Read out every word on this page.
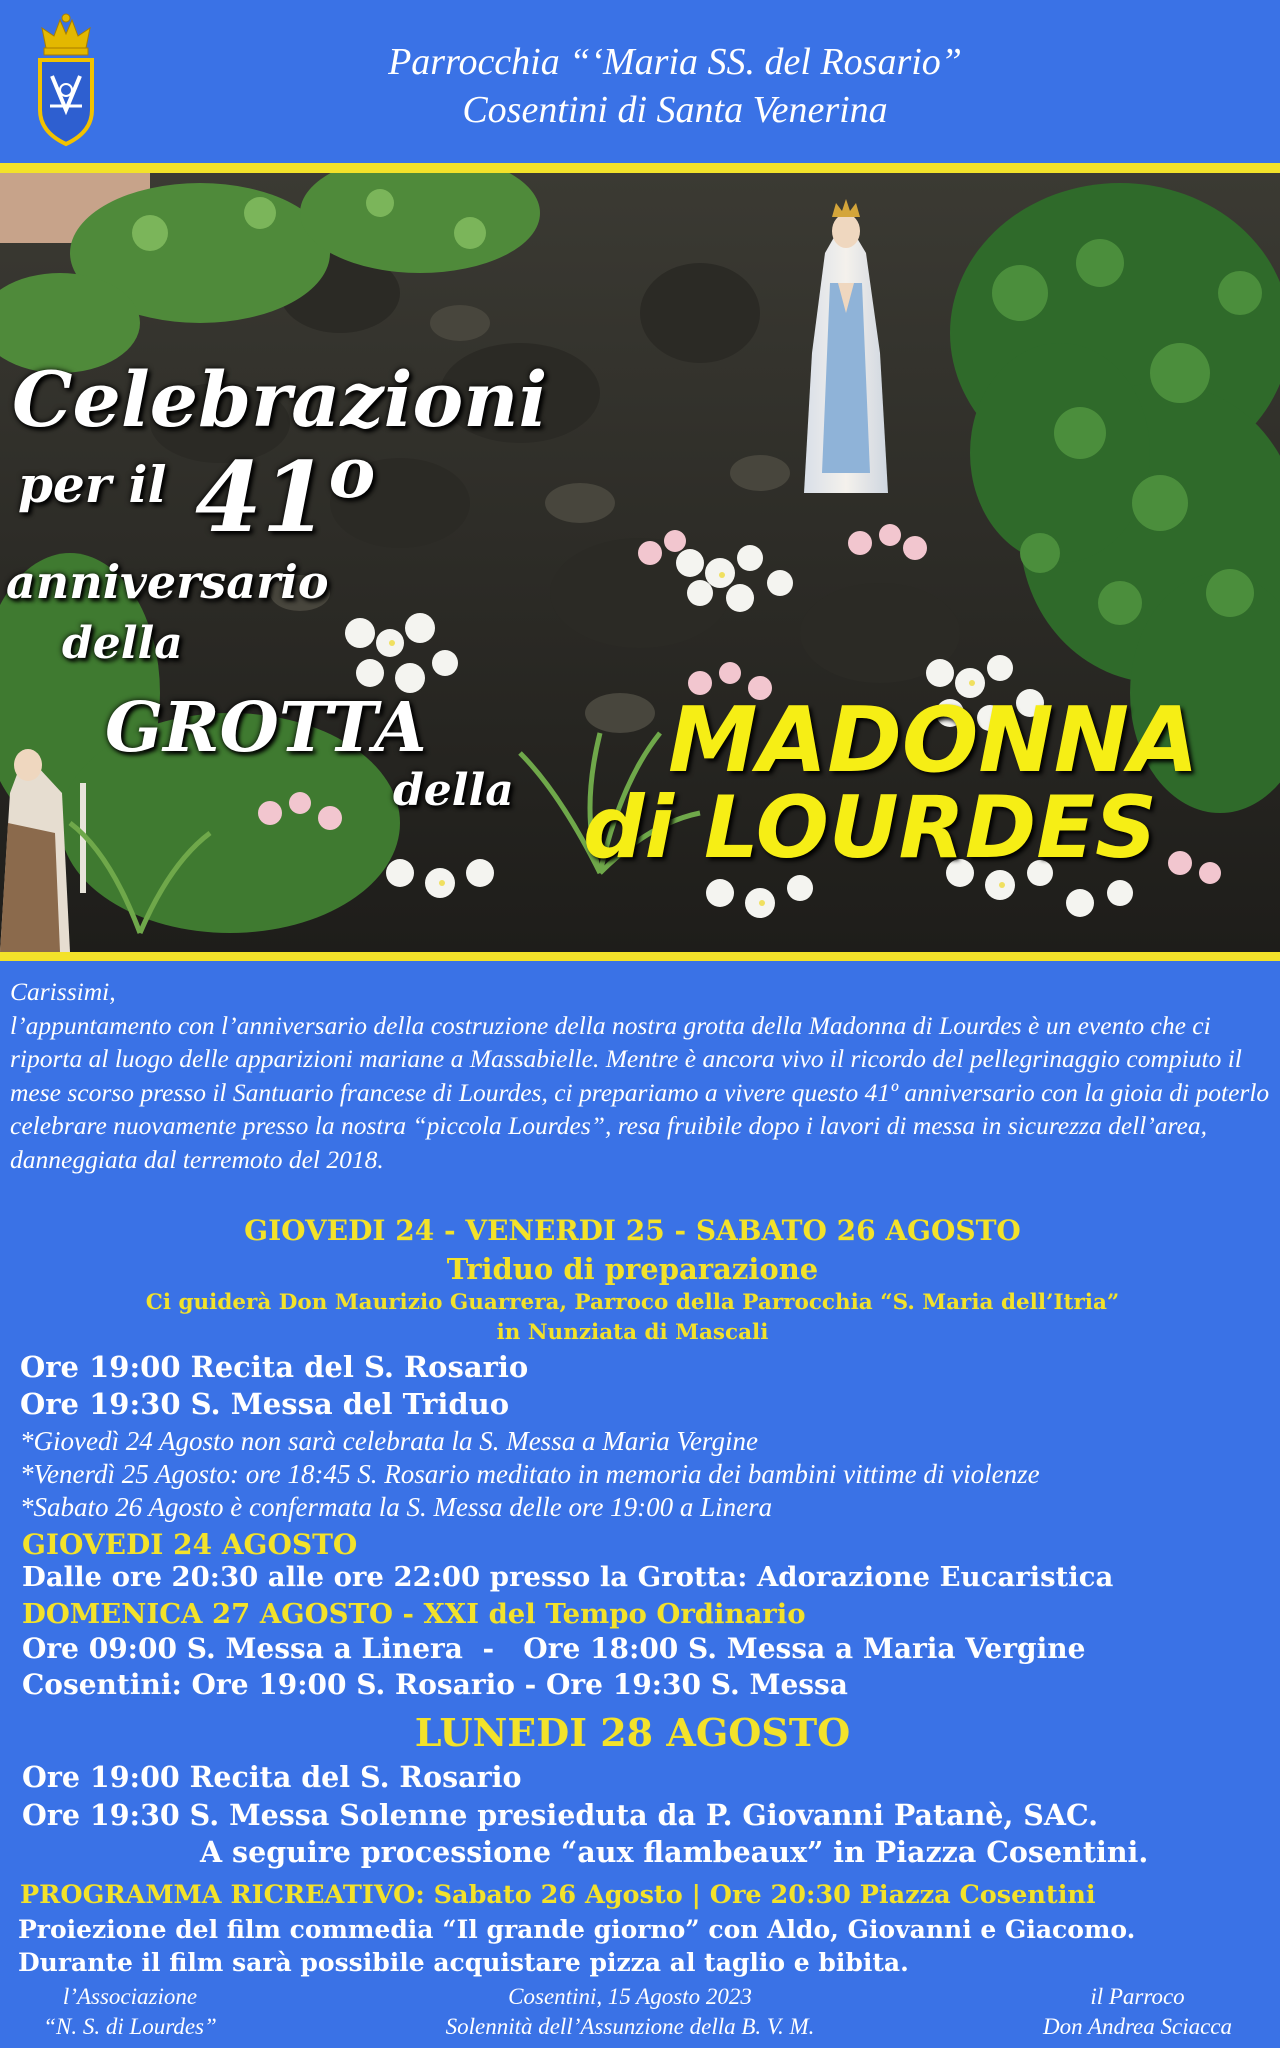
Parrocchia “‘Maria SS. del Rosario”
Cosentini di Santa Venerina
Celebrazioni
per il 41$^o$
anniversario
della
GROTTA
della MADONNA
di LOURDES
Carissimi,
l’appuntamento con l’anniversario della costruzione della nostra grotta della Madonna di Lourdes è un evento che ci riporta al luogo delle apparizioni mariane a Massabielle. Mentre è ancora vivo il ricordo del pellegrinaggio compiuto il mese scorso presso il Santuario francese di Lourdes, ci prepariamo a vivere questo 41º anniversario con la gioia di poterlo celebrare nuovamente presso la nostra “piccola Lourdes”, resa fruibile dopo i lavori di messa in sicurezza dell’area, danneggiata dal terremoto del 2018.
GIOVEDI 24 - VENERDI 25 - SABATO 26 AGOSTO
Triduo di preparazione
Ci guiderà Don Maurizio Guarrera, Parroco della Parrocchia “S. Maria dell’Itria”
in Nunziata di Mascali
Ore 19:00 Recita del S. Rosario
Ore 19:30 S. Messa del Triduo
*Giovedì 24 Agosto non sarà celebrata la S. Messa a Maria Vergine
*Venerdì 25 Agosto: ore 18:45 S. Rosario meditato in memoria dei bambini vittime di violenze
*Sabato 26 Agosto è confermata la S. Messa delle ore 19:00 a Linera
GIOVEDI 24 AGOSTO
Dalle ore 20:30 alle ore 22:00 presso la Grotta: Adorazione Eucaristica
DOMENICA 27 AGOSTO - XXI del Tempo Ordinario
Ore 09:00 S. Messa a Linera  -   Ore 18:00 S. Messa a Maria Vergine
Cosentini: Ore 19:00 S. Rosario - Ore 19:30 S. Messa
LUNEDI 28 AGOSTO
Ore 19:00 Recita del S. Rosario
Ore 19:30 S. Messa Solenne presieduta da P. Giovanni Patanè, SAC.
A seguire processione “aux flambeaux” in Piazza Cosentini.
PROGRAMMA RICREATIVO: Sabato 26 Agosto | Ore 20:30 Piazza Cosentini
Proiezione del film commedia “Il grande giorno” con Aldo, Giovanni e Giacomo.
Durante il film sarà possibile acquistare pizza al taglio e bibita.
l’Associazione
“N. S. di Lourdes”
Cosentini, 15 Agosto 2023
Solennità dell’Assunzione della B. V. M.
il Parroco
Don Andrea Sciacca
